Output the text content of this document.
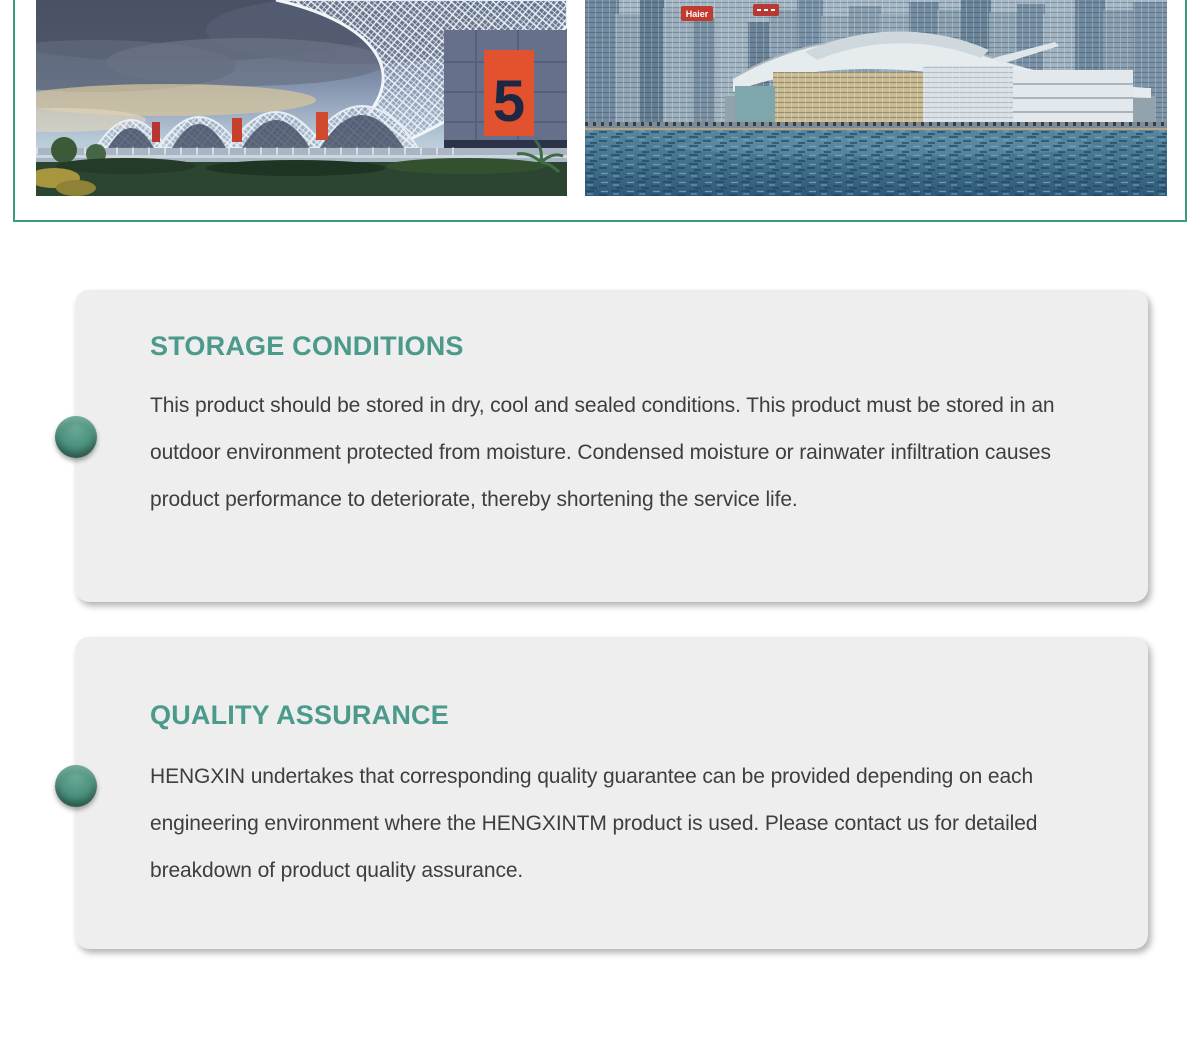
5
Haier
STORAGE CONDITIONS

This product should be stored in dry, cool and sealed conditions. This product must be stored in an outdoor environment protected from moisture. Condensed moisture or rainwater infiltration causes product performance to deteriorate, thereby shortening the service life.

QUALITY ASSURANCE

HENGXIN undertakes that corresponding quality guarantee can be provided depending on each engineering environment where the HENGXINTM product is used. Please contact us for detailed breakdown of product quality assurance.
